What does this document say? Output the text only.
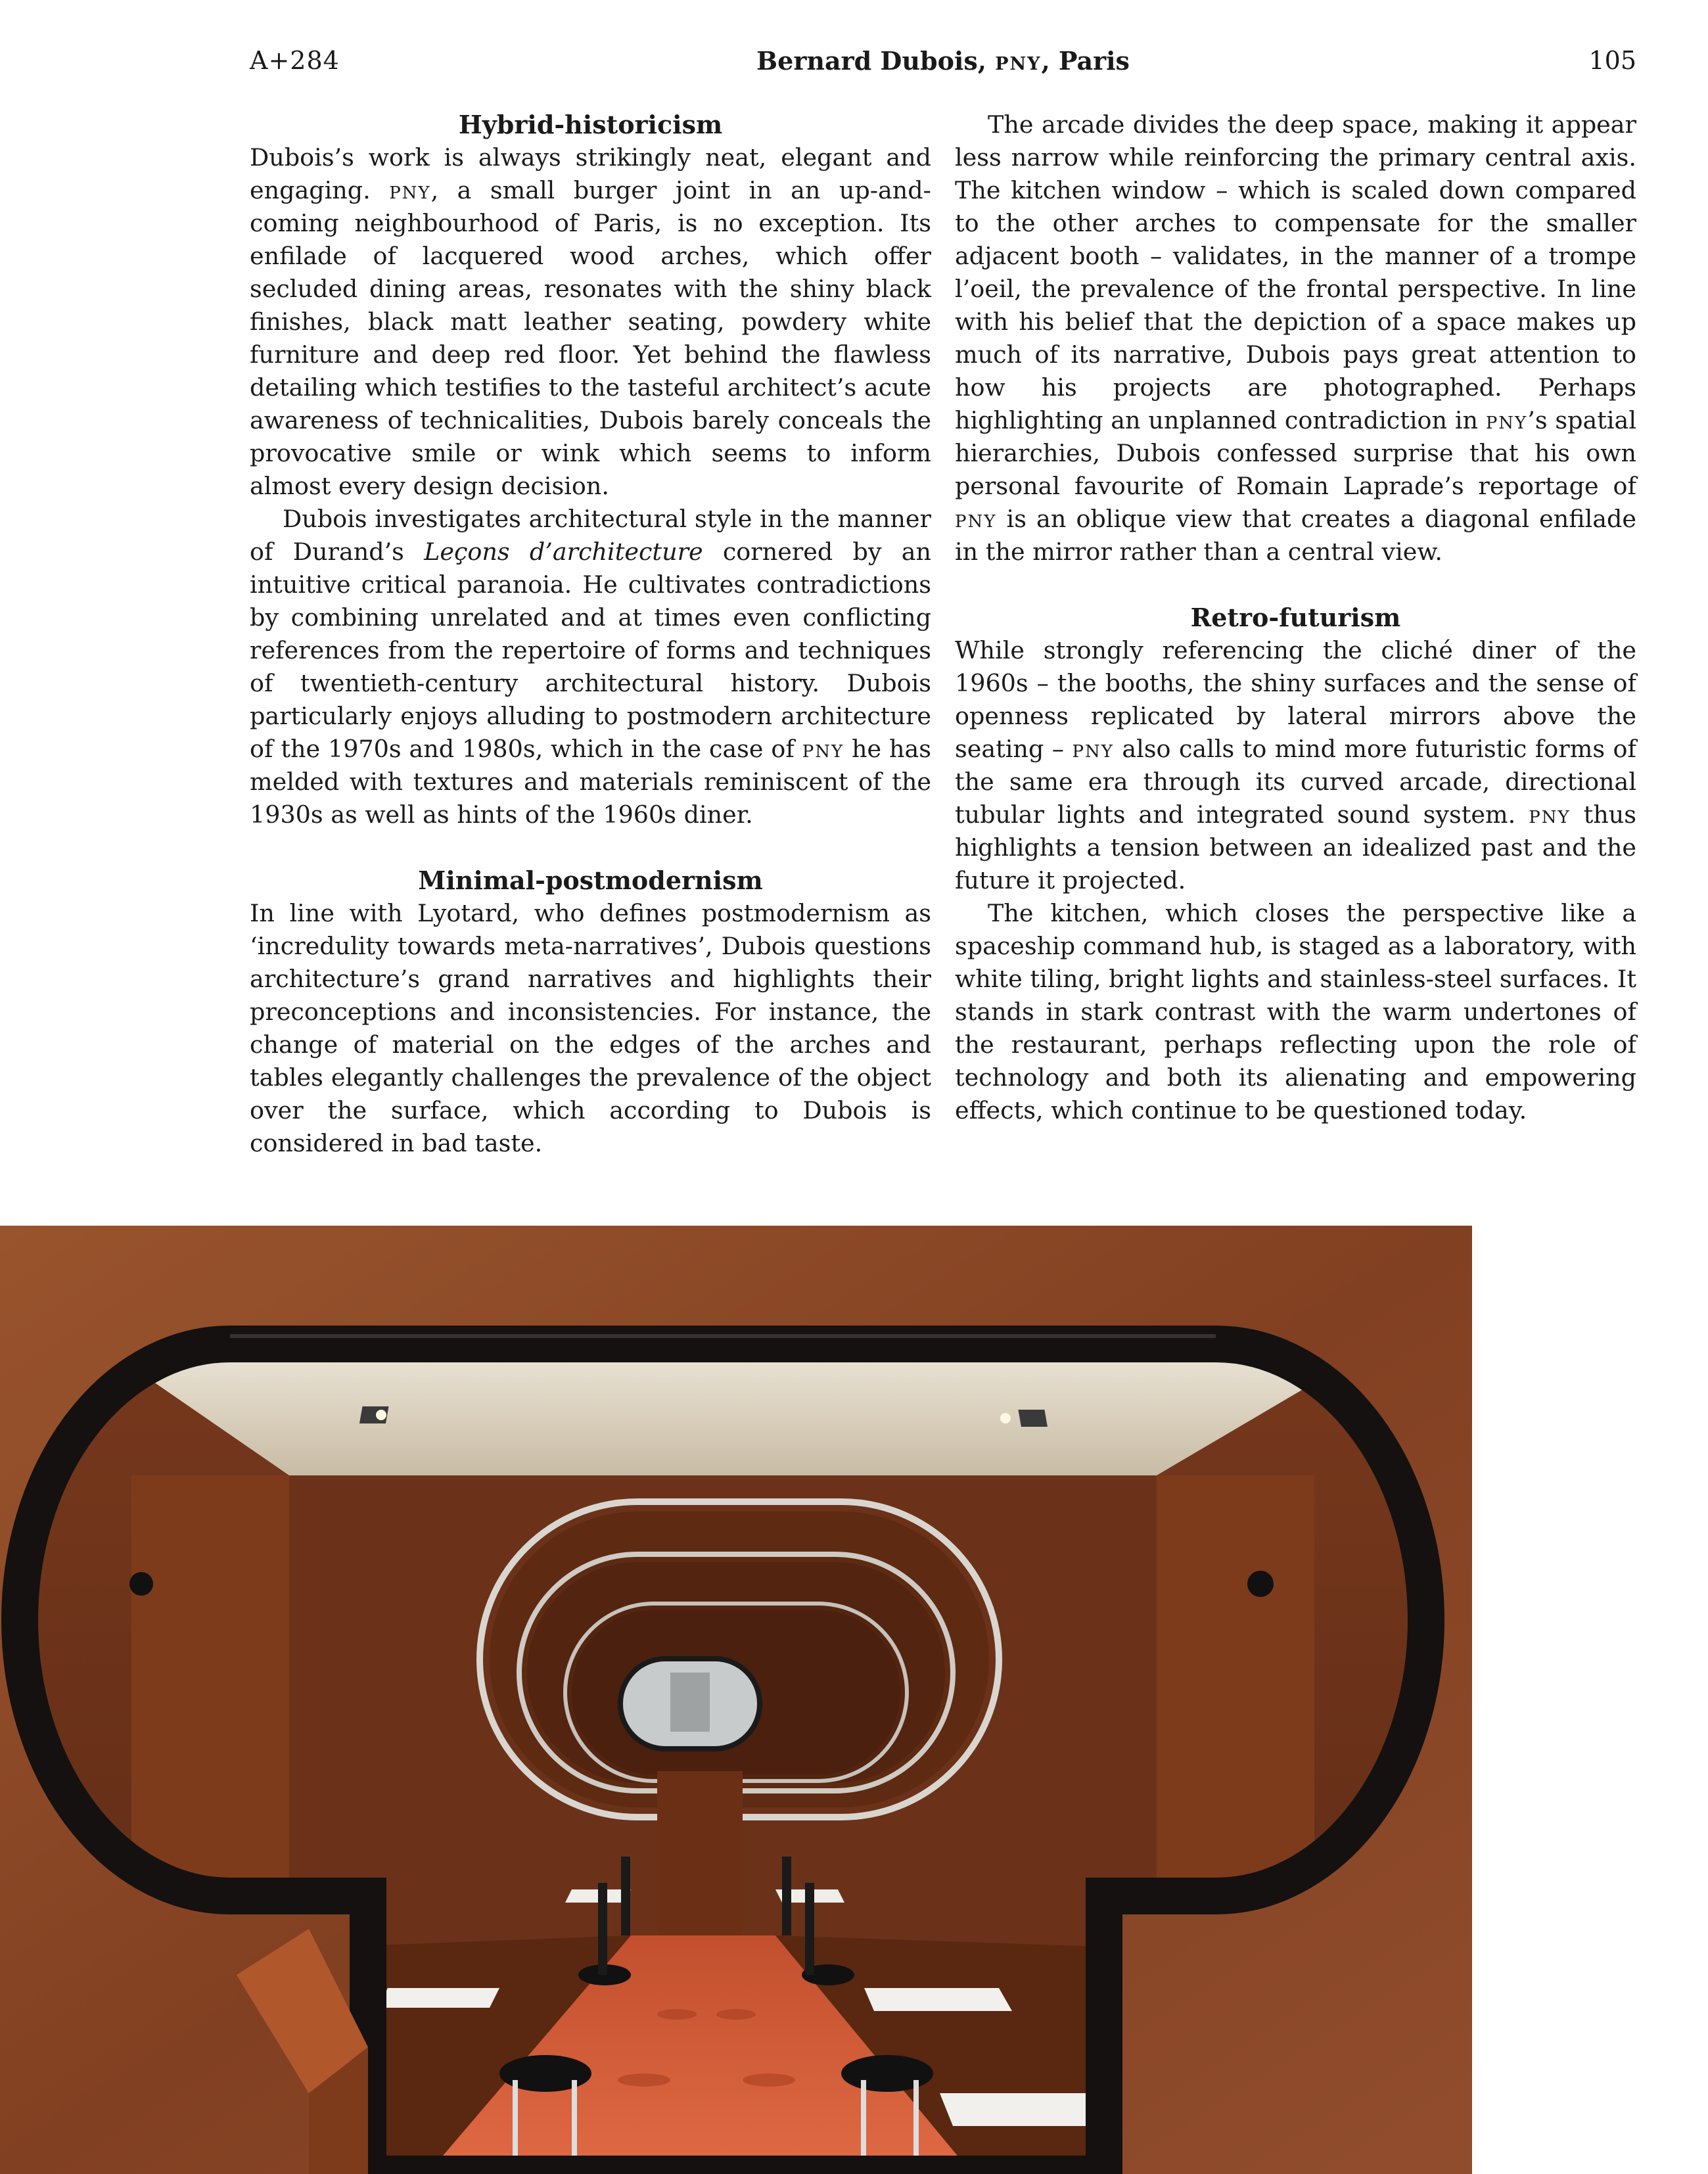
A+284	Bernard Dubois, pny, Paris	105
Hybrid-historicism

Dubois’s work is always strikingly neat, elegant and engaging. pny, a small burger joint in an up-and-coming neighbourhood of Paris, is no exception. Its enfilade of lacquered wood arches, which offer secluded dining areas, resonates with the shiny black finishes, black matt leather seating, powdery white furniture and deep red floor. Yet behind the flawless detailing which testifies to the tasteful architect’s acute awareness of technicalities, Dubois barely conceals the provocative smile or wink which seems to inform almost every design decision.

Dubois investigates architectural style in the manner of Durand’s Leçons d’architecture cornered by an intuitive critical paranoia. He cultivates contradictions by combining unrelated and at times even conflicting references from the repertoire of forms and techniques of twentieth-century architectural history. Dubois particularly enjoys alluding to postmodern architecture of the 1970s and 1980s, which in the case of pny he has melded with textures and materials reminiscent of the 1930s as well as hints of the 1960s diner.

Minimal-postmodernism

In line with Lyotard, who defines postmodernism as ‘incredulity towards meta-narratives’, Dubois questions architecture’s grand narratives and highlights their preconceptions and inconsistencies. For instance, the change of material on the edges of the arches and tables elegantly challenges the prevalence of the object over the surface, which according to Dubois is considered in bad taste.

The arcade divides the deep space, making it appear less narrow while reinforcing the primary central axis. The kitchen window – which is scaled down compared to the other arches to compensate for the smaller adjacent booth – validates, in the manner of a trompe l’oeil, the prevalence of the frontal perspective. In line with his belief that the depiction of a space makes up much of its narrative, Dubois pays great attention to how his projects are photographed. Perhaps highlighting an unplanned contradiction in pny’s spatial hierarchies, Dubois confessed surprise that his own personal favourite of Romain Laprade’s reportage of pny is an oblique view that creates a diagonal enfilade in the mirror rather than a central view.

Retro-futurism

While strongly referencing the cliché diner of the 1960s – the booths, the shiny surfaces and the sense of openness replicated by lateral mirrors above the seating – pny also calls to mind more futuristic forms of the same era through its curved arcade, directional tubular lights and integrated sound system. pny thus highlights a tension between an idealized past and the future it projected.

The kitchen, which closes the perspective like a spaceship command hub, is staged as a laboratory, with white tiling, bright lights and stainless-steel surfaces. It stands in stark contrast with the warm undertones of the restaurant, perhaps reflecting upon the role of technology and both its alienating and empowering effects, which continue to be questioned today.
